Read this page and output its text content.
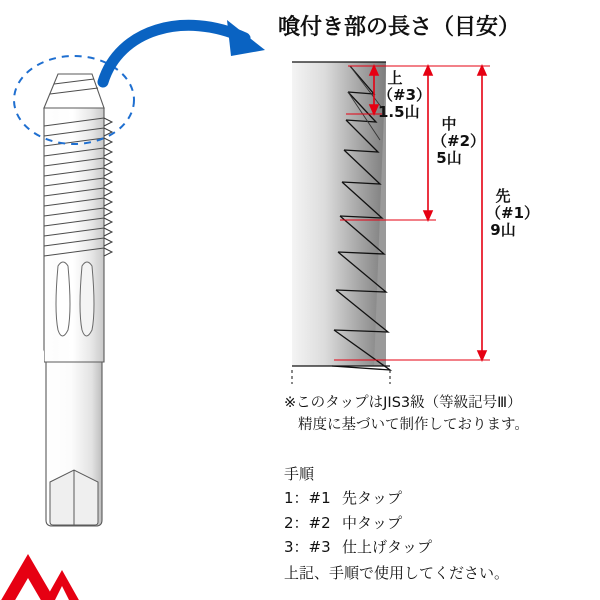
喰付き部の長さ（目安）
上
（#3）
1.5山
中
（#2）
5山
先
（#1）
9山
※このタップはJIS3級（等級記号Ⅲ）
精度に基づいて制作しております。
手順
1：#1 先タップ
2：#2 中タップ
3：#3 仕上げタップ
上記、手順で使用してください。
